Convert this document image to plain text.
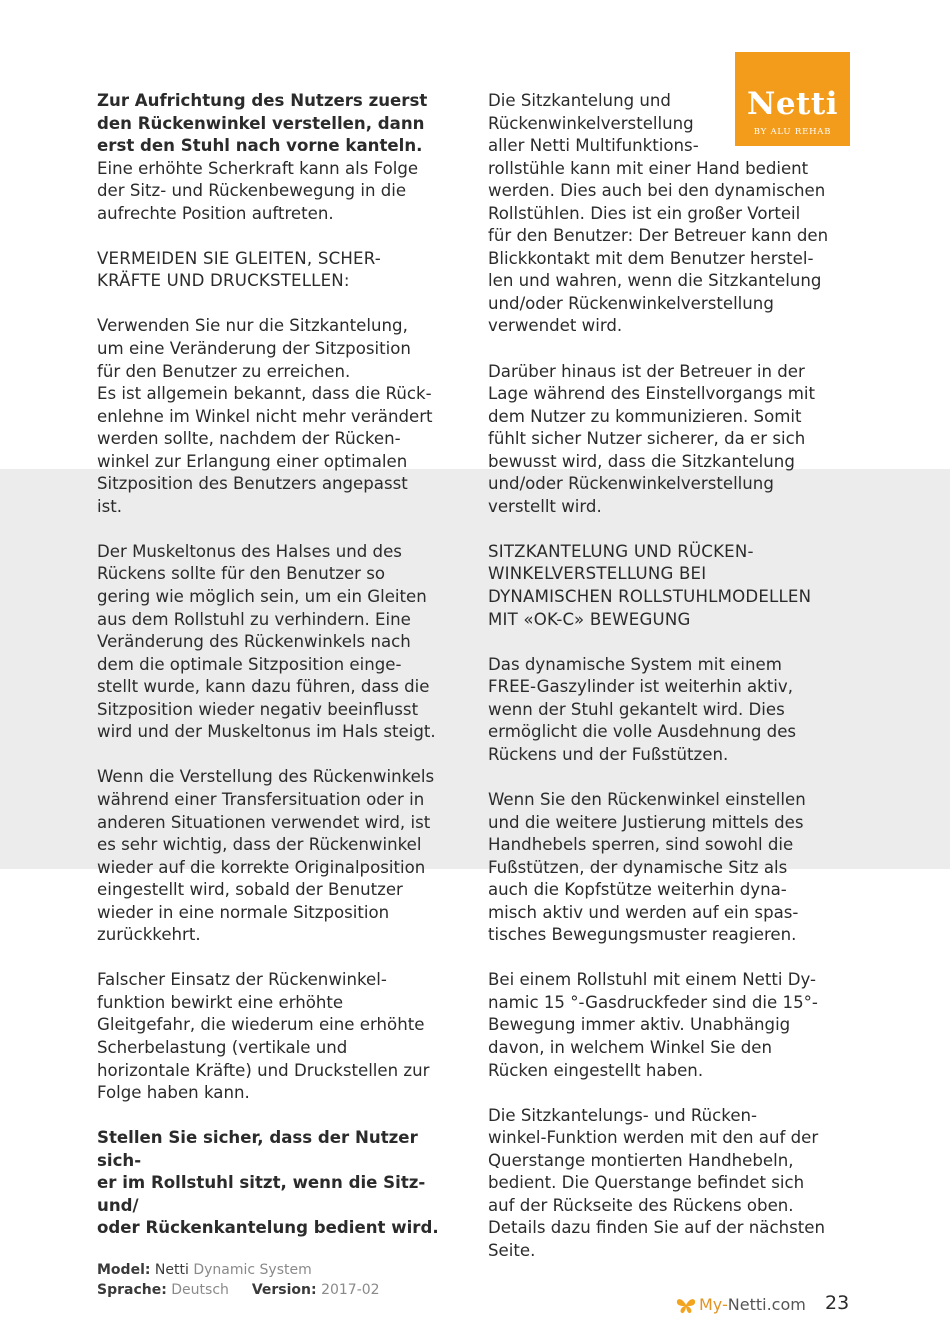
Netti
BY ALU REHAB

Zur Aufrichtung des Nutzers zuerst
den Rückenwinkel verstellen, dann
erst den Stuhl nach vorne kanteln.

Eine erhöhte Scherkraft kann als Folge
der Sitz- und Rückenbewegung in die
aufrechte Position auftreten.

VERMEIDEN SIE GLEITEN, SCHER-
KRÄFTE UND DRUCKSTELLEN:

Verwenden Sie nur die Sitzkantelung,
um eine Veränderung der Sitzposition
für den Benutzer zu erreichen.
Es ist allgemein bekannt, dass die Rück-
enlehne im Winkel nicht mehr verändert
werden sollte, nachdem der Rücken-
winkel zur Erlangung einer optimalen
Sitzposition des Benutzers angepasst
ist.

Der Muskeltonus des Halses und des
Rückens sollte für den Benutzer so
gering wie möglich sein, um ein Gleiten
aus dem Rollstuhl zu verhindern. Eine
Veränderung des Rückenwinkels nach
dem die optimale Sitzposition einge-
stellt wurde, kann dazu führen, dass die
Sitzposition wieder negativ beeinflusst
wird und der Muskeltonus im Hals steigt.

Wenn die Verstellung des Rückenwinkels
während einer Transfersituation oder in
anderen Situationen verwendet wird, ist
es sehr wichtig, dass der Rückenwinkel
wieder auf die korrekte Originalposition
eingestellt wird, sobald der Benutzer
wieder in eine normale Sitzposition
zurückkehrt.

Falscher Einsatz der Rückenwinkel-
funktion bewirkt eine erhöhte
Gleitgefahr, die wiederum eine erhöhte
Scherbelastung (vertikale und
horizontale Kräfte) und Druckstellen zur
Folge haben kann.

Stellen Sie sicher, dass der Nutzer sich-
er im Rollstuhl sitzt, wenn die Sitz- und/
oder Rückenkantelung bedient wird.

Die Sitzkantelung und
Rückenwinkelverstellung
aller Netti Multifunktions-
rollstühle kann mit einer Hand bedient
werden. Dies auch bei den dynamischen
Rollstühlen. Dies ist ein großer Vorteil
für den Benutzer: Der Betreuer kann den
Blickkontakt mit dem Benutzer herstel-
len und wahren, wenn die Sitzkantelung
und/oder Rückenwinkelverstellung
verwendet wird.

Darüber hinaus ist der Betreuer in der
Lage während des Einstellvorgangs mit
dem Nutzer zu kommunizieren. Somit
fühlt sicher Nutzer sicherer, da er sich
bewusst wird, dass die Sitzkantelung
und/oder Rückenwinkelverstellung
verstellt wird.

SITZKANTELUNG UND RÜCKEN-
WINKELVERSTELLUNG BEI
DYNAMISCHEN ROLLSTUHLMODELLEN
MIT «OK-C» BEWEGUNG

Das dynamische System mit einem
FREE-Gaszylinder ist weiterhin aktiv,
wenn der Stuhl gekantelt wird. Dies
ermöglicht die volle Ausdehnung des
Rückens und der Fußstützen.

Wenn Sie den Rückenwinkel einstellen
und die weitere Justierung mittels des
Handhebels sperren, sind sowohl die
Fußstützen, der dynamische Sitz als
auch die Kopfstütze weiterhin dyna-
misch aktiv und werden auf ein spas-
tisches Bewegungsmuster reagieren.

Bei einem Rollstuhl mit einem Netti Dy-
namic 15 °-Gasdruckfeder sind die 15°-
Bewegung immer aktiv. Unabhängig
davon, in welchem Winkel Sie den
Rücken eingestellt haben.

Die Sitzkantelungs- und Rücken-
winkel-Funktion werden mit den auf der
Querstange montierten Handhebeln,
bedient. Die Querstange befindet sich
auf der Rückseite des Rückens oben.
Details dazu finden Sie auf der nächsten
Seite.

Model: Netti Dynamic System
Sprache: Deutsch Version: 2017-02
My- Netti.com 23
